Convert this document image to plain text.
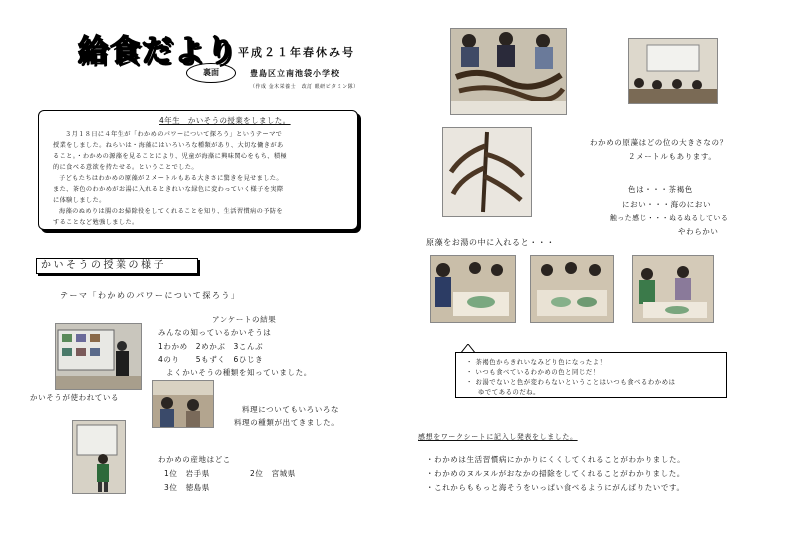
給食だより 平成２１年春休み号
裏面	豊島区立南池袋小学校
（作成 金木栄養士　改訂 眼研ビタミン隊）
4年生　かいそうの授業をしました。
３月１８日に４年生が「わかめのパワーについて探ろう」というテーマで
授業をしました。ねらいは・海藻にはいろいろな種類があり、大切な働きがあ
ること。・わかめの源藻を見ることにより、児童が海藻に興味関心をもち、積極
的に食べる意欲を持たせる。ということでした。
子どもたちはわかめの原藻が２メートルもある大きさに驚きを見せました。
また、茶色のわかめがお湯に入れるときれいな緑色に変わっていく様子を実際
に体験しました。
海藻のぬめりは腸のお掃除役をしてくれることを知り、生活習慣病の予防を
することなど勉強しました。
かいそうの授業の様子
テーマ「わかめのパワーについて探ろう」
アンケートの結果
みんなの知っているかいそうは
1わかめ　2めかぶ　3こんぶ
4のり　　5もずく　6ひじき
よくかいそうの種類を知っていました。
かいそうが使われている
料理についてもいろいろな
料理の種類が出てきました。
わかめの産地はどこ
1位　岩手県	2位　宮城県
3位　徳島県
わかめの原藻はどの位の大きさなの？
２メートルもあります。
色は・・・茶褐色
におい・・・海のにおい
触った感じ・・・ぬるぬるしている
やわらかい
原藻をお湯の中に入れると・・・
・ 茶褐色からきれいなみどり色になったよ！
・ いつも食べているわかめの色と同じだ！
・ お湯でないと色が変わらないということはいつも食べるわかめは
ゆでてあるのだね。
感想をワークシートに記入し発表をしました。
・わかめは生活習慣病にかかりにくくしてくれることがわかりました。
・わかめのヌルヌルがおなかの掃除をしてくれることがわかりました。
・これからももっと海そうをいっぱい食べるようにがんばりたいです。
